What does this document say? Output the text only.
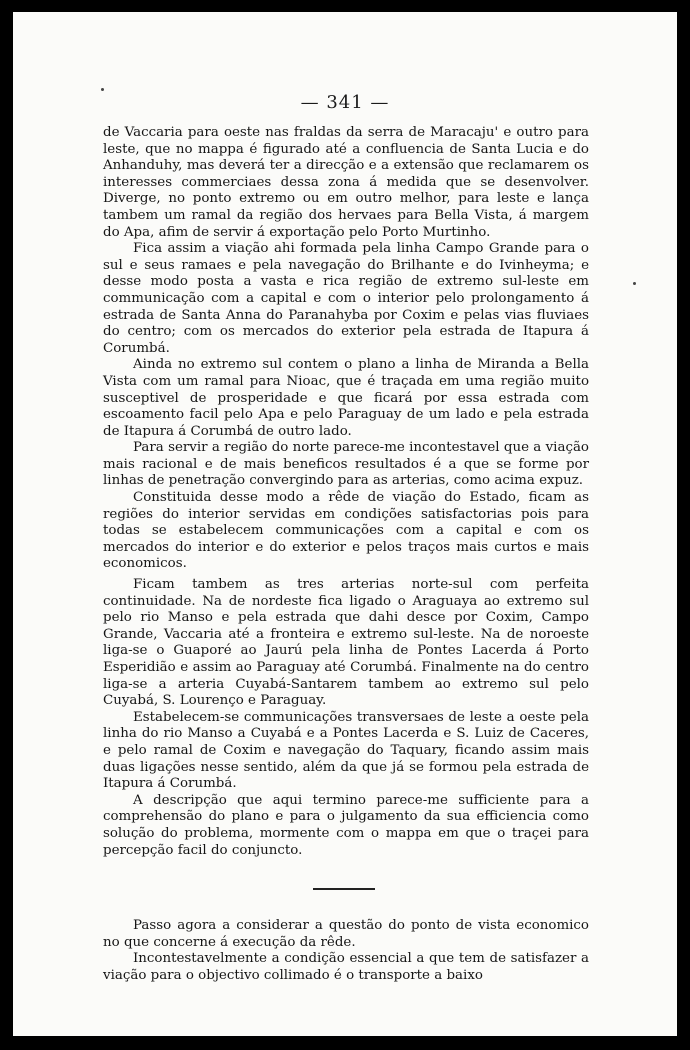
— 341 —

de Vaccaria para oeste nas fraldas da serra de Maracaju' e outro para leste, que no mappa é figurado até a confluencia de Santa Lucia e do Anhanduhy, mas deverá ter a direcção e a extensão que reclamarem os interesses commerciaes dessa zona á medida que se desenvolver. Diverge, no ponto extremo ou em outro melhor, para leste e lança tambem um ramal da região dos hervaes para Bella Vista, á margem do Apa, afim de servir á exportação pelo Porto Murtinho.

Fica assim a viação ahi formada pela linha Campo Grande para o sul e seus ramaes e pela navegação do Brilhante e do Ivinheyma; e desse modo posta a vasta e rica região de extremo sul-leste em communicação com a capital e com o interior pelo prolongamento á estrada de Santa Anna do Paranahyba por Coxim e pelas vias fluviaes do centro; com os mercados do exterior pela estrada de Itapura á Corumbá.

Ainda no extremo sul contem o plano a linha de Miranda a Bella Vista com um ramal para Nioac, que é traçada em uma região muito susceptivel de prosperidade e que ficará por essa estrada com escoamento facil pelo Apa e pelo Paraguay de um lado e pela estrada de Itapura á Corumbá de outro lado.

Para servir a região do norte parece-me incontestavel que a viação mais racional e de mais beneficos resultados é a que se forme por linhas de penetração convergindo para as arterias, como acima expuz.

Constituida desse modo a rêde de viação do Estado, ficam as regiões do interior servidas em condições satisfactorias pois para todas se estabelecem communicações com a capital e com os mercados do interior e do exterior e pelos traços mais curtos e mais economicos.

Ficam tambem as tres arterias norte-sul com perfeita continuidade. Na de nordeste fica ligado o Araguaya ao extremo sul pelo rio Manso e pela estrada que dahi desce por Coxim, Campo Grande, Vaccaria até a fronteira e extremo sul-leste. Na de noroeste liga-se o Guaporé ao Jaurú pela linha de Pontes Lacerda á Porto Esperidião e assim ao Paraguay até Corumbá. Finalmente na do centro liga-se a arteria Cuyabá-Santarem tambem ao extremo sul pelo Cuyabá, S. Lourenço e Paraguay.

Estabelecem-se communicações transversaes de leste a oeste pela linha do rio Manso a Cuyabá e a Pontes Lacerda e S. Luiz de Caceres, e pelo ramal de Coxim e navegação do Taquary, ficando assim mais duas ligações nesse sentido, além da que já se formou pela estrada de Itapura á Corumbá.

A descripção que aqui termino parece-me sufficiente para a comprehensão do plano e para o julgamento da sua efficiencia como solução do problema, mormente com o mappa em que o traçei para percepção facil do conjuncto.

Passo agora a considerar a questão do ponto de vista economico no que concerne á execução da rêde.

Incontestavelmente a condição essencial a que tem de satisfazer a viação para o objectivo collimado é o transporte a baixo
